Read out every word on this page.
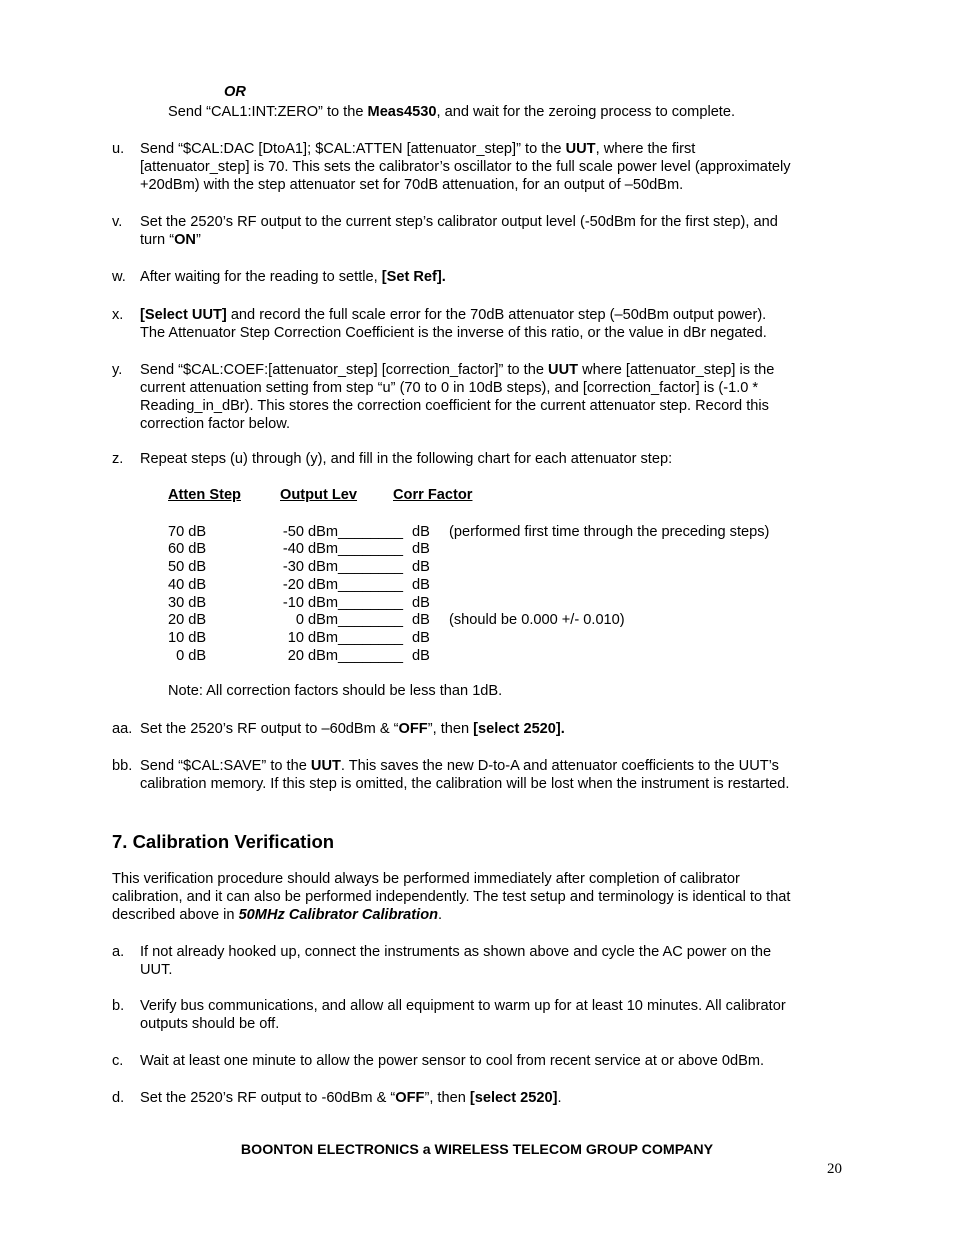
OR
Send “CAL1:INT:ZERO” to the Meas4530, and wait for the zeroing process to complete.
u. Send “$CAL:DAC [DtoA1]; $CAL:ATTEN [attenuator_step]” to the UUT, where the first
[attenuator_step] is 70. This sets the calibrator’s oscillator to the full scale power level (approximately
+20dBm) with the step attenuator set for 70dB attenuation, for an output of –50dBm.
v. Set the 2520’s RF output to the current step’s calibrator output level (-50dBm for the first step), and
turn “ON”
w. After waiting for the reading to settle, [Set Ref].
x. [Select UUT] and record the full scale error for the 70dB attenuator step (–50dBm output power).
The Attenuator Step Correction Coefficient is the inverse of this ratio, or the value in dBr negated.
y. Send “$CAL:COEF:[attenuator_step] [correction_factor]” to the UUT where [attenuator_step] is the
current attenuation setting from step “u” (70 to 0 in 10dB steps), and [correction_factor] is (-1.0 *
Reading_in_dBr). This stores the correction coefficient for the current attenuator step. Record this
correction factor below.
z. Repeat steps (u) through (y), and fill in the following chart for each attenuator step:
Atten Step	Output Lev Corr Factor
70 dB	-50 dBm ________ dB (performed first time through the preceding steps)
60 dB	-40 dBm ________ dB
50 dB	-30 dBm ________ dB
40 dB	-20 dBm ________ dB
30 dB	-10 dBm ________ dB
20 dB	0 dBm ________ dB (should be 0.000 +/- 0.010)
10 dB	10 dBm ________ dB
0 dB	20 dBm ________ dB
Note: All correction factors should be less than 1dB.
aa. Set the 2520’s RF output to –60dBm & “OFF”, then [select 2520].
bb. Send “$CAL:SAVE” to the UUT. This saves the new D-to-A and attenuator coefficients to the UUT’s
calibration memory. If this step is omitted, the calibration will be lost when the instrument is restarted.
7. Calibration Verification
This verification procedure should always be performed immediately after completion of calibrator
calibration, and it can also be performed independently. The test setup and terminology is identical to that
described above in 50MHz Calibrator Calibration.
a. If not already hooked up, connect the instruments as shown above and cycle the AC power on the
UUT.
b. Verify bus communications, and allow all equipment to warm up for at least 10 minutes. All calibrator
outputs should be off.
c. Wait at least one minute to allow the power sensor to cool from recent service at or above 0dBm.
d. Set the 2520’s RF output to -60dBm & “OFF”, then [select 2520].
BOONTON ELECTRONICS a WIRELESS TELECOM GROUP COMPANY
20
